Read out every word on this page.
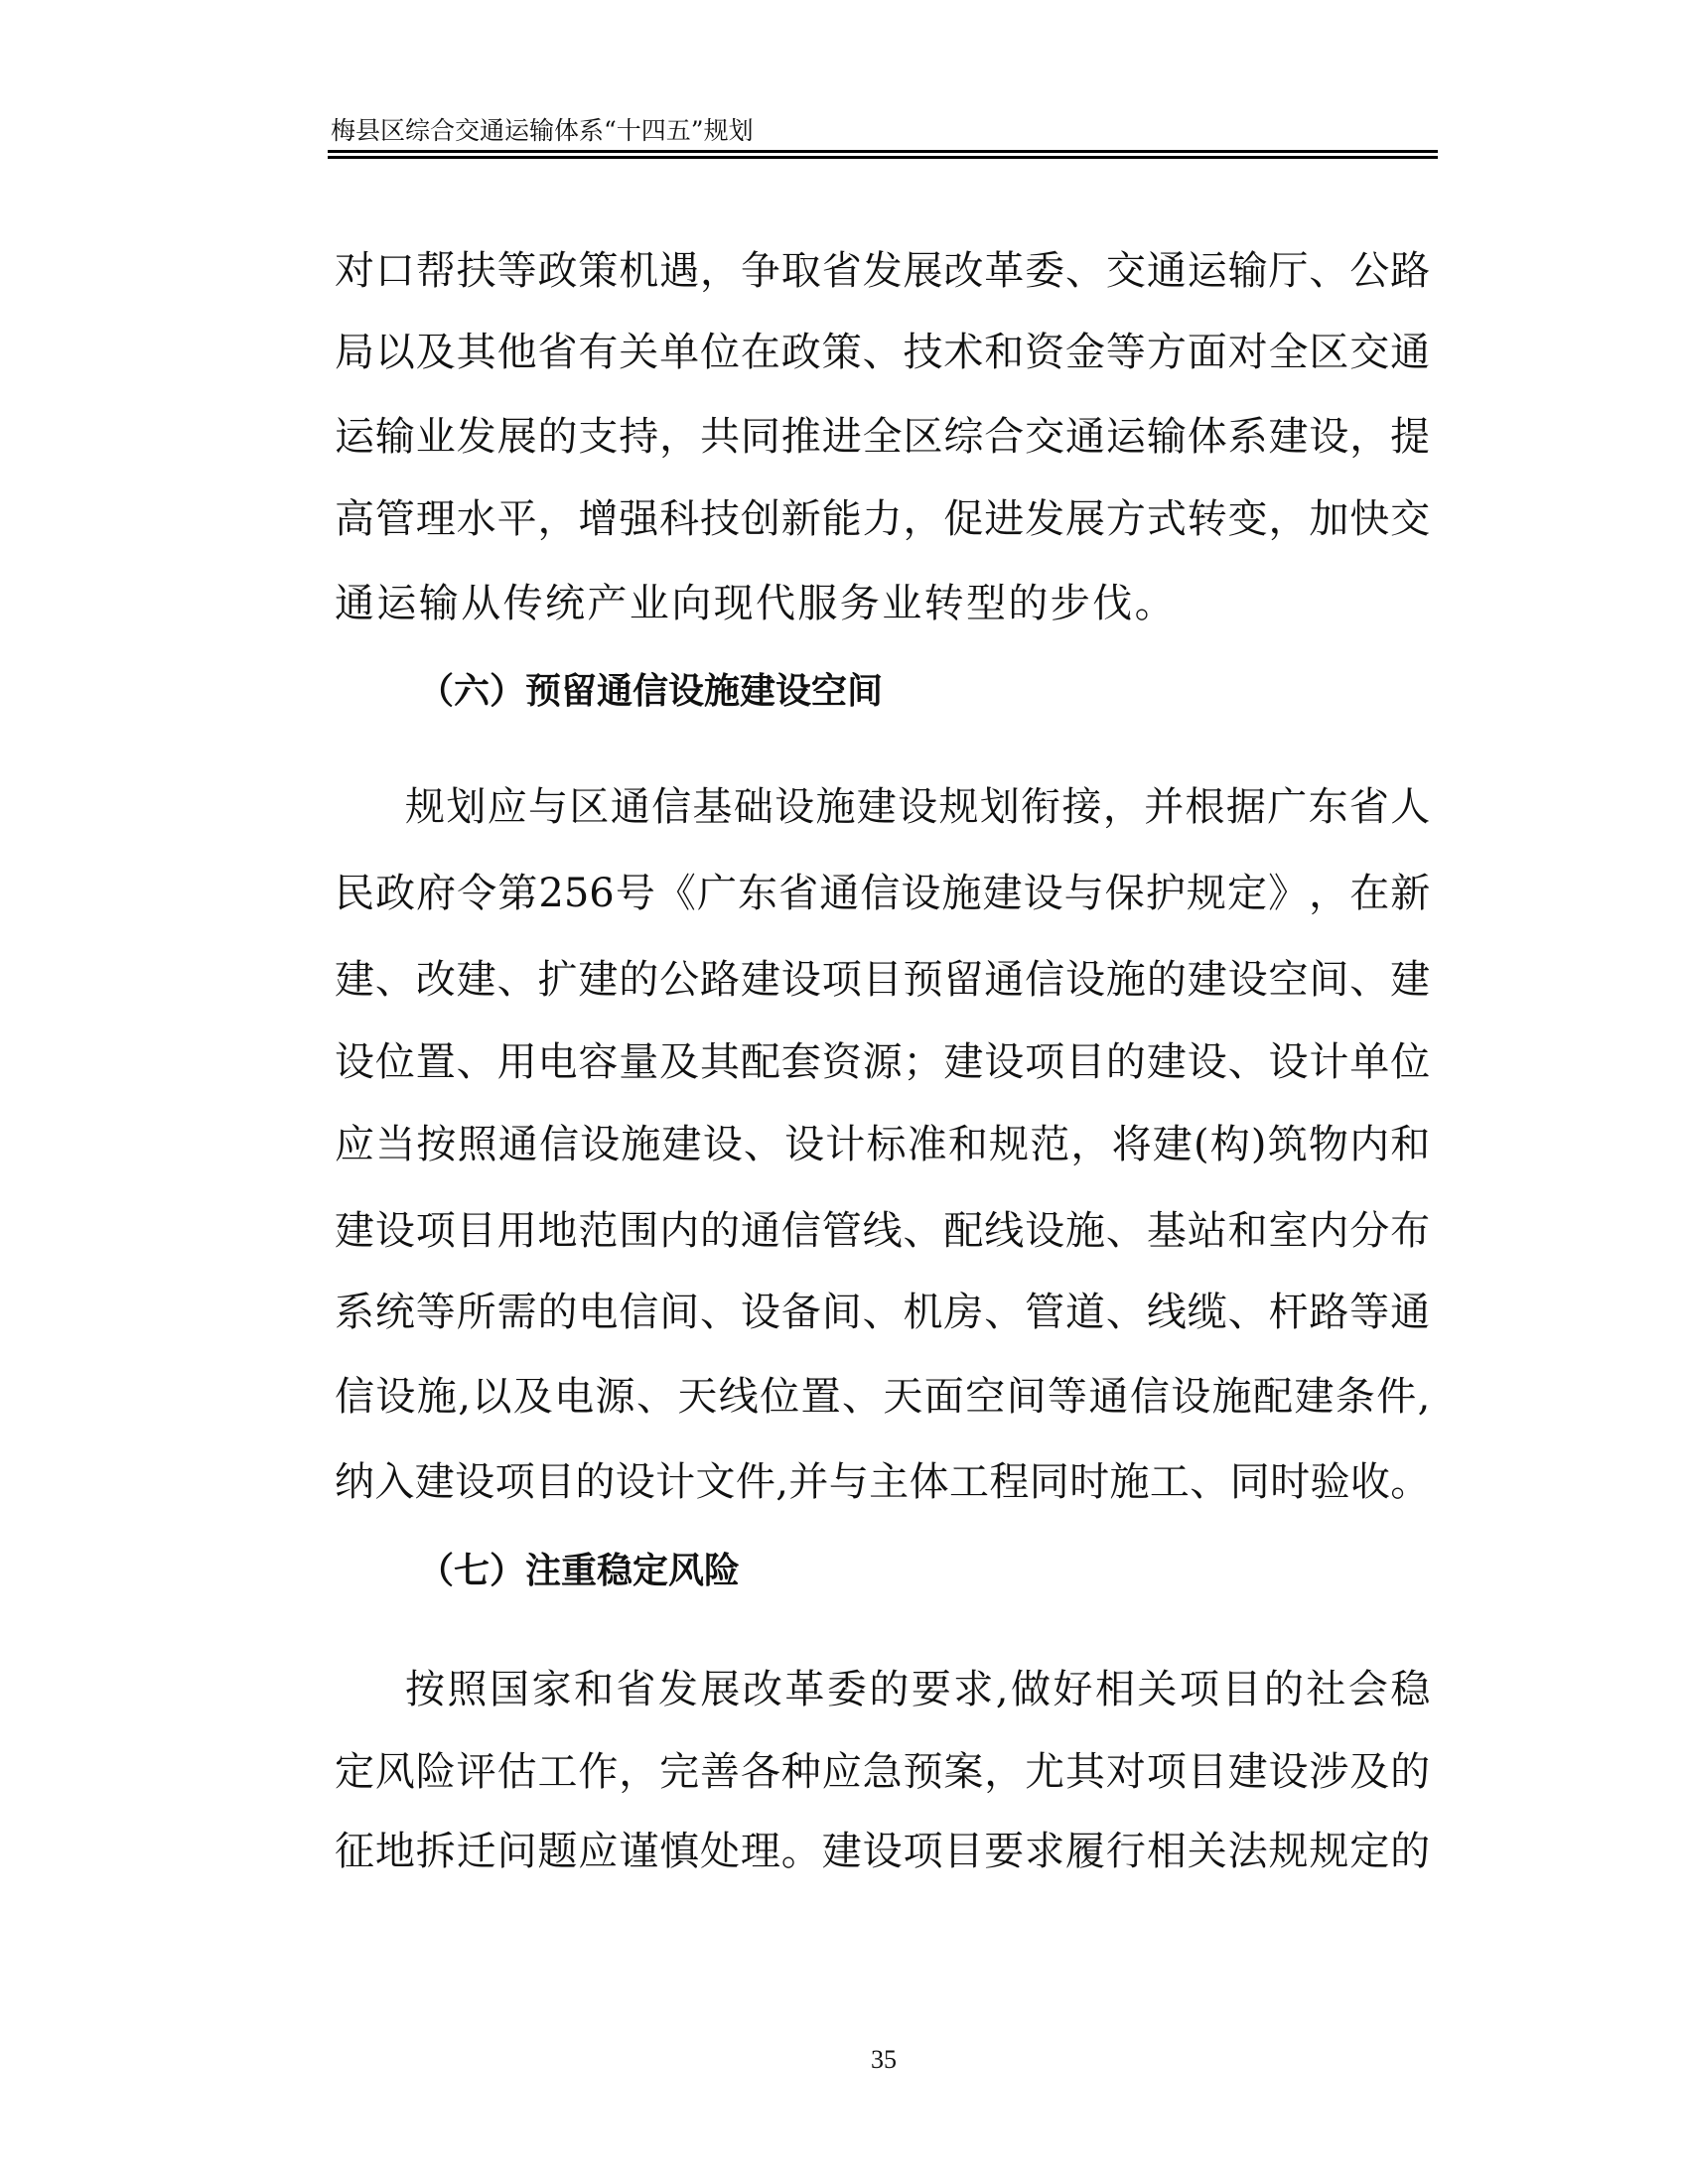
梅县区综合交通运输体系“十四五”规划
对口帮扶等政策机遇，争取省发展改革委、交通运输厅、公路
局以及其他省有关单位在政策、技术和资金等方面对全区交通
运输业发展的支持，共同推进全区综合交通运输体系建设，提
高管理水平，增强科技创新能力，促进发展方式转变，加快交
通运输从传统产业向现代服务业转型的步伐。
（六）预留通信设施建设空间
规划应与区通信基础设施建设规划衔接，并根据广东省人
民政府令第256号《广东省通信设施建设与保护规定》，在新
建、改建、扩建的公路建设项目预留通信设施的建设空间、建
设位置、用电容量及其配套资源；建设项目的建设、设计单位
应当按照通信设施建设、设计标准和规范，将建(构)筑物内和
建设项目用地范围内的通信管线、配线设施、基站和室内分布
系统等所需的电信间、设备间、机房、管道、线缆、杆路等通
信设施,以及电源、天线位置、天面空间等通信设施配建条件,
纳入建设项目的设计文件,并与主体工程同时施工、同时验收。
（七）注重稳定风险
按照国家和省发展改革委的要求,做好相关项目的社会稳
定风险评估工作，完善各种应急预案，尤其对项目建设涉及的
征地拆迁问题应谨慎处理。建设项目要求履行相关法规规定的
35
